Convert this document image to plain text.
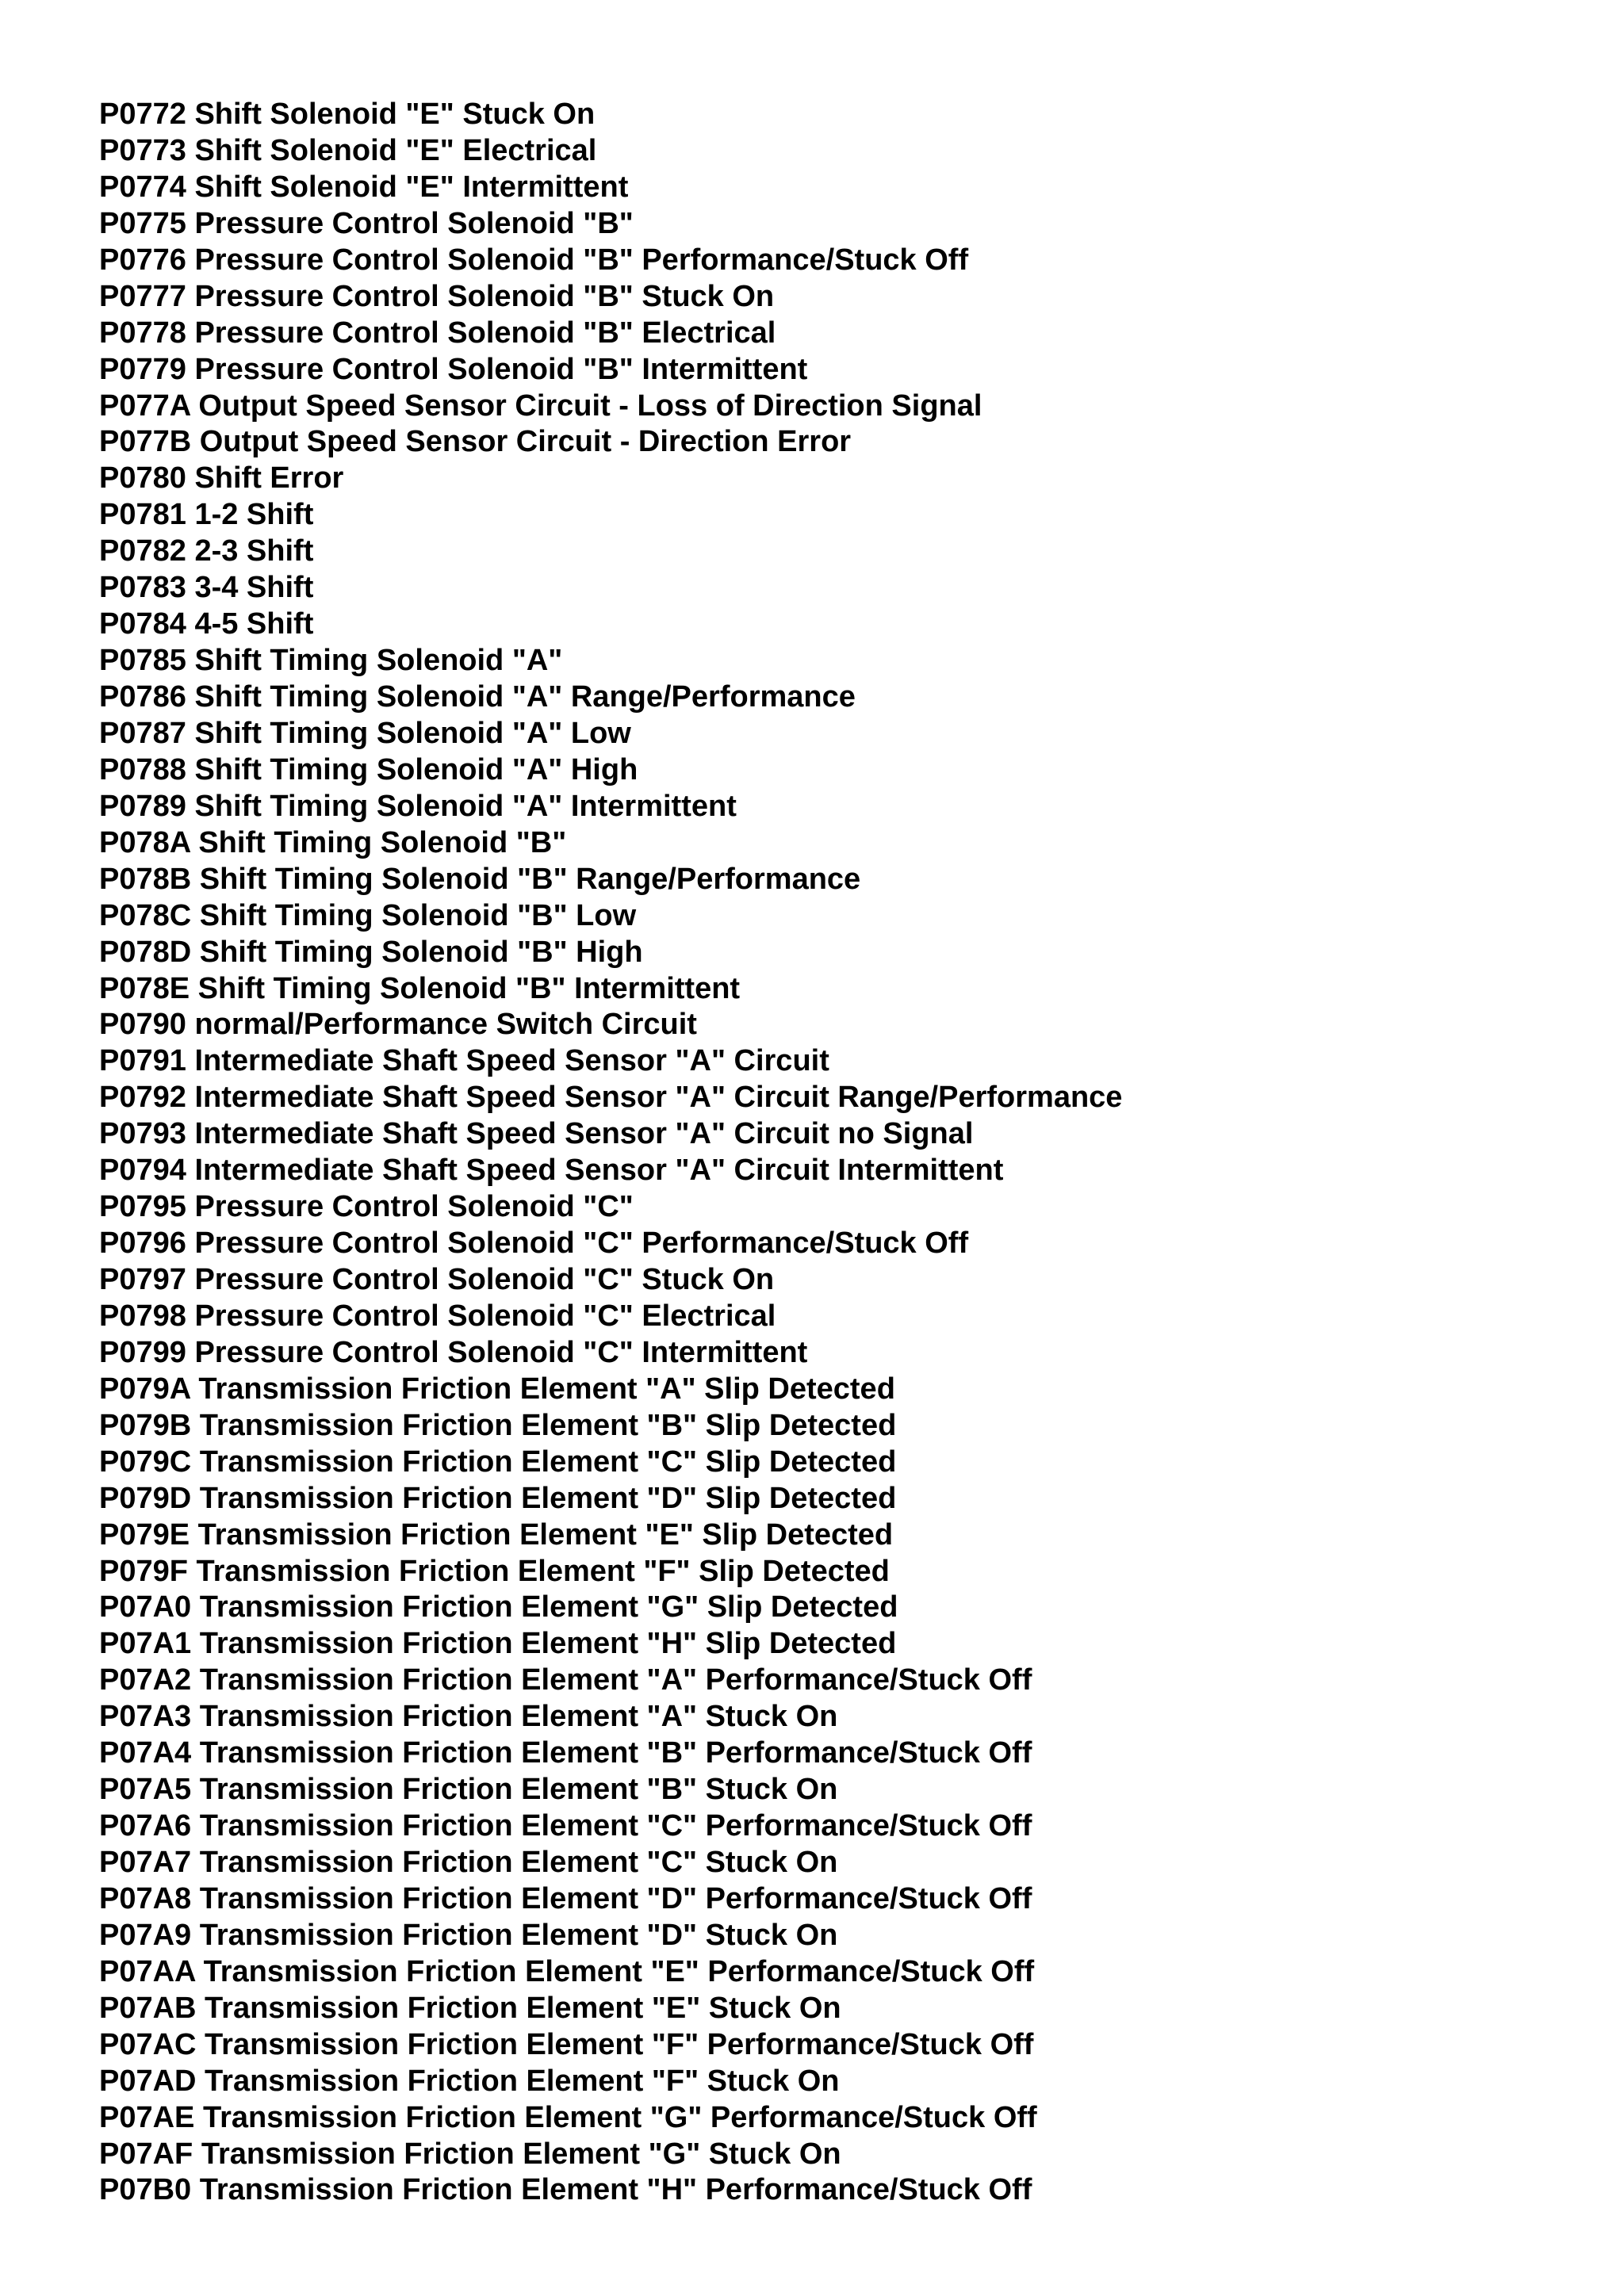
P0772 Shift Solenoid "E" Stuck On
P0773 Shift Solenoid "E" Electrical
P0774 Shift Solenoid "E" Intermittent
P0775 Pressure Control Solenoid "B"
P0776 Pressure Control Solenoid "B" Performance/Stuck Off
P0777 Pressure Control Solenoid "B" Stuck On
P0778 Pressure Control Solenoid "B" Electrical
P0779 Pressure Control Solenoid "B" Intermittent
P077A Output Speed Sensor Circuit - Loss of Direction Signal
P077B Output Speed Sensor Circuit - Direction Error
P0780 Shift Error
P0781 1-2 Shift
P0782 2-3 Shift
P0783 3-4 Shift
P0784 4-5 Shift
P0785 Shift Timing Solenoid "A"
P0786 Shift Timing Solenoid "A" Range/Performance
P0787 Shift Timing Solenoid "A" Low
P0788 Shift Timing Solenoid "A" High
P0789 Shift Timing Solenoid "A" Intermittent
P078A Shift Timing Solenoid "B"
P078B Shift Timing Solenoid "B" Range/Performance
P078C Shift Timing Solenoid "B" Low
P078D Shift Timing Solenoid "B" High
P078E Shift Timing Solenoid "B" Intermittent
P0790 normal/Performance Switch Circuit
P0791 Intermediate Shaft Speed Sensor "A" Circuit
P0792 Intermediate Shaft Speed Sensor "A" Circuit Range/Performance
P0793 Intermediate Shaft Speed Sensor "A" Circuit no Signal
P0794 Intermediate Shaft Speed Sensor "A" Circuit Intermittent
P0795 Pressure Control Solenoid "C"
P0796 Pressure Control Solenoid "C" Performance/Stuck Off
P0797 Pressure Control Solenoid "C" Stuck On
P0798 Pressure Control Solenoid "C" Electrical
P0799 Pressure Control Solenoid "C" Intermittent
P079A Transmission Friction Element "A" Slip Detected
P079B Transmission Friction Element "B" Slip Detected
P079C Transmission Friction Element "C" Slip Detected
P079D Transmission Friction Element "D" Slip Detected
P079E Transmission Friction Element "E" Slip Detected
P079F Transmission Friction Element "F" Slip Detected
P07A0 Transmission Friction Element "G" Slip Detected
P07A1 Transmission Friction Element "H" Slip Detected
P07A2 Transmission Friction Element "A" Performance/Stuck Off
P07A3 Transmission Friction Element "A" Stuck On
P07A4 Transmission Friction Element "B" Performance/Stuck Off
P07A5 Transmission Friction Element "B" Stuck On
P07A6 Transmission Friction Element "C" Performance/Stuck Off
P07A7 Transmission Friction Element "C" Stuck On
P07A8 Transmission Friction Element "D" Performance/Stuck Off
P07A9 Transmission Friction Element "D" Stuck On
P07AA Transmission Friction Element "E" Performance/Stuck Off
P07AB Transmission Friction Element "E" Stuck On
P07AC Transmission Friction Element "F" Performance/Stuck Off
P07AD Transmission Friction Element "F" Stuck On
P07AE Transmission Friction Element "G" Performance/Stuck Off
P07AF Transmission Friction Element "G" Stuck On
P07B0 Transmission Friction Element "H" Performance/Stuck Off
